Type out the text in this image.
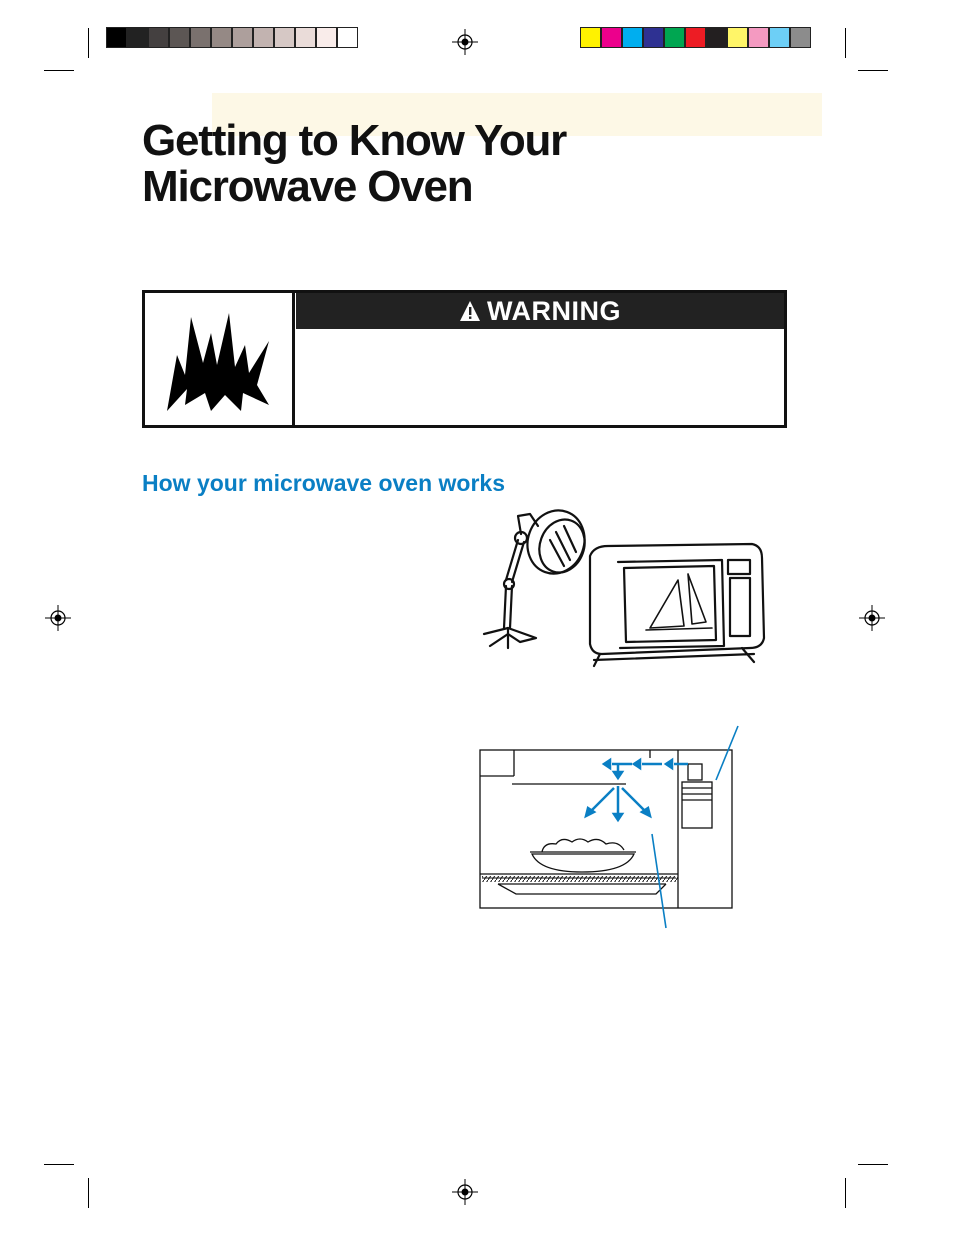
Getting to Know Your
Microwave Oven
WARNING
How your microwave oven works
